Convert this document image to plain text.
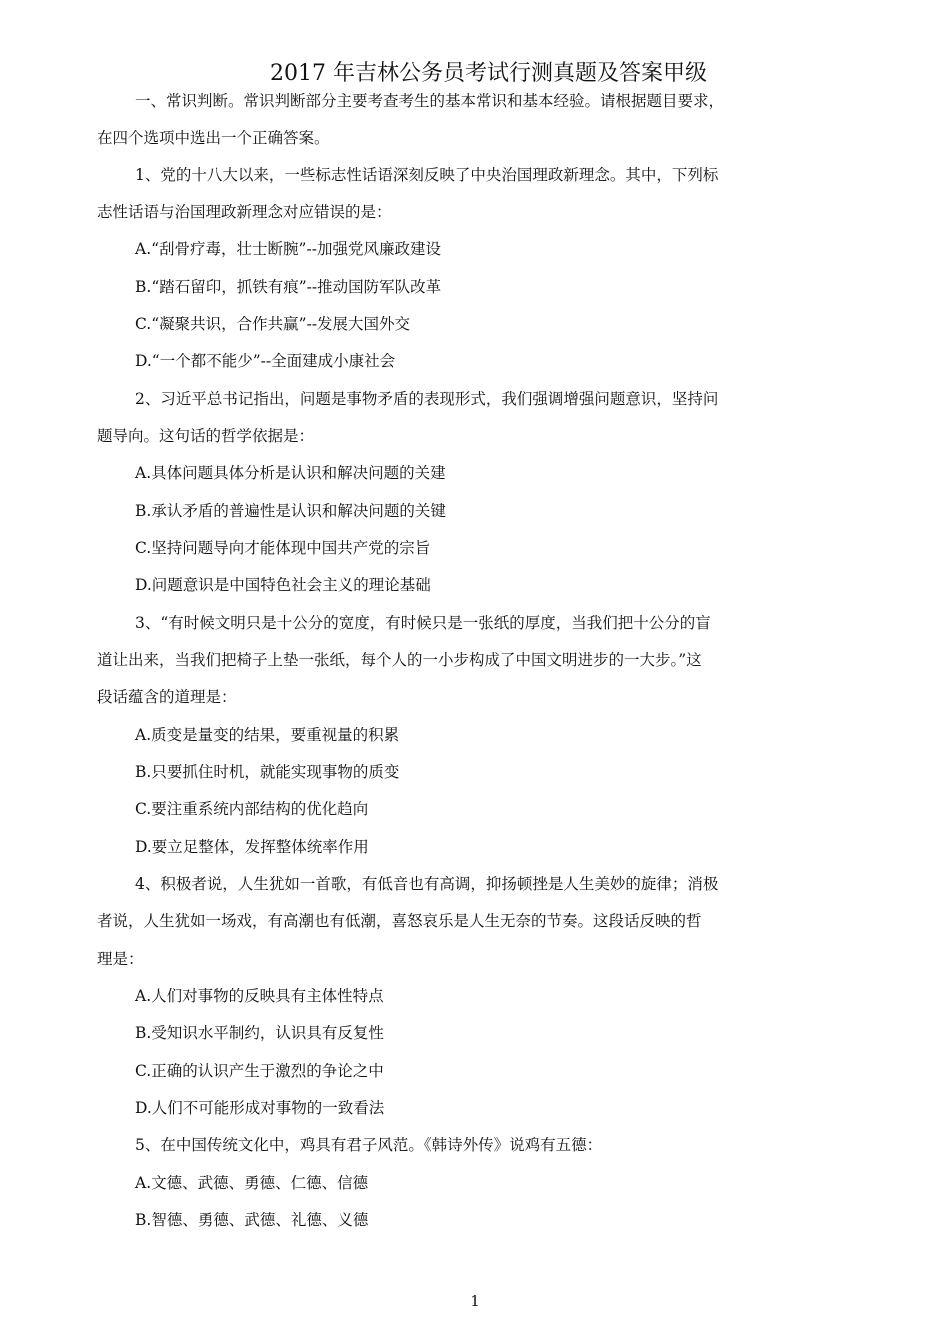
2017 年吉林公务员考试行测真题及答案甲级
一、常识判断。常识判断部分主要考查考生的基本常识和基本经验。请根据题目要求，
在四个选项中选出一个正确答案。
1、党的十八大以来，一些标志性话语深刻反映了中央治国理政新理念。其中，下列标
志性话语与治国理政新理念对应错误的是：
A.“刮骨疗毒，壮士断腕”--加强党风廉政建设
B.“踏石留印，抓铁有痕”--推动国防军队改革
C.“凝聚共识，合作共赢”--发展大国外交
D.“一个都不能少”--全面建成小康社会
2、习近平总书记指出，问题是事物矛盾的表现形式，我们强调增强问题意识，坚持问
题导向。这句话的哲学依据是：
A.具体问题具体分析是认识和解决问题的关建
B.承认矛盾的普遍性是认识和解决问题的关键
C.坚持问题导向才能体现中国共产党的宗旨
D.问题意识是中国特色社会主义的理论基础
3、“有时候文明只是十公分的宽度，有时候只是一张纸的厚度，当我们把十公分的盲
道让出来，当我们把椅子上垫一张纸，每个人的一小步构成了中国文明进步的一大步。”这
段话蕴含的道理是：
A.质变是量变的结果，要重视量的积累
B.只要抓住时机，就能实现事物的质变
C.要注重系统内部结构的优化趋向
D.要立足整体，发挥整体统率作用
4、积极者说，人生犹如一首歌，有低音也有高调，抑扬顿挫是人生美妙的旋律；消极
者说，人生犹如一场戏，有高潮也有低潮，喜怒哀乐是人生无奈的节奏。这段话反映的哲
理是：
A.人们对事物的反映具有主体性特点
B.受知识水平制约，认识具有反复性
C.正确的认识产生于激烈的争论之中
D.人们不可能形成对事物的一致看法
5、在中国传统文化中，鸡具有君子风范。《韩诗外传》说鸡有五德：
A.文德、武德、勇德、仁德、信德
B.智德、勇德、武德、礼德、义德
1
